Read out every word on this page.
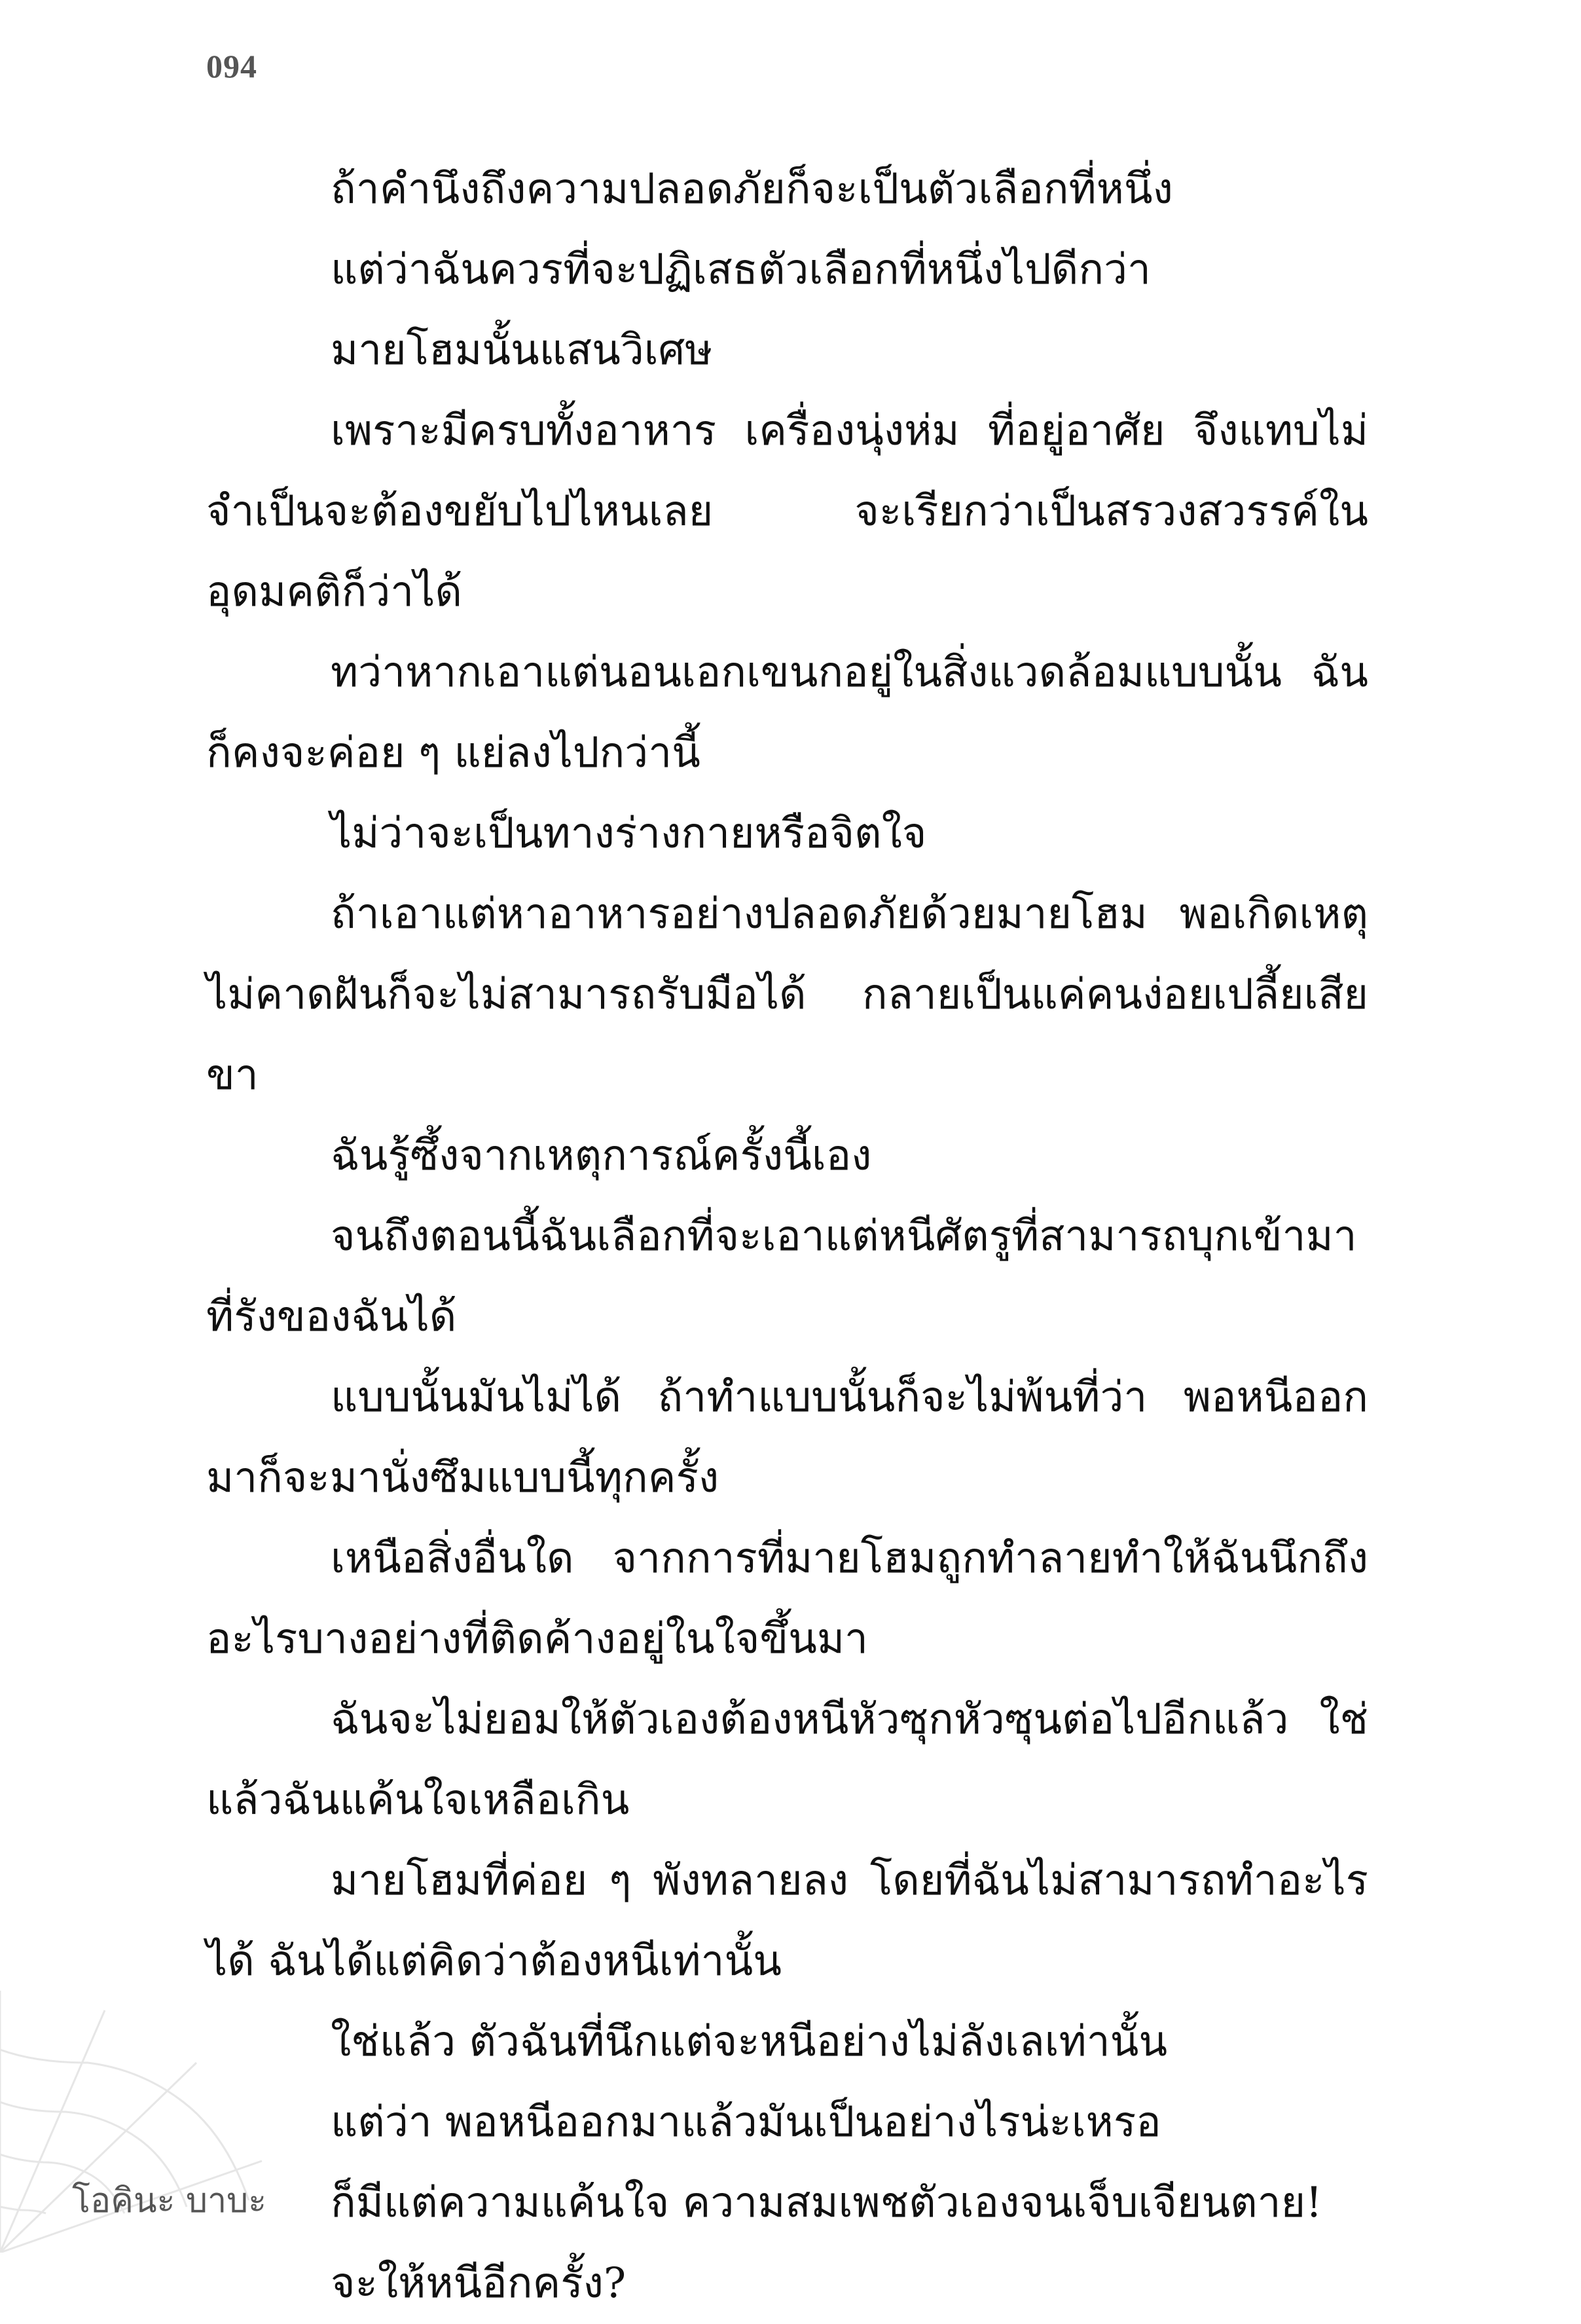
094

ถ้าคำนึงถึงความปลอดภัยก็จะเป็นตัวเลือกที่หนึ่ง

แต่ว่าฉันควรที่จะปฏิเสธตัวเลือกที่หนึ่งไปดีกว่า

มายโฮมนั้นแสนวิเศษ

เพราะมีครบทั้งอาหาร เครื่องนุ่งห่ม ที่อยู่อาศัย จึงแทบไม่จำเป็นจะต้องขยับไปไหนเลย จะเรียกว่าเป็นสรวงสวรรค์ในอุดมคติก็ว่าได้

ทว่าหากเอาแต่นอนเอกเขนกอยู่ในสิ่งแวดล้อมแบบนั้น ฉันก็คงจะค่อย ๆ แย่ลงไปกว่านี้

ไม่ว่าจะเป็นทางร่างกายหรือจิตใจ

ถ้าเอาแต่หาอาหารอย่างปลอดภัยด้วยมายโฮม พอเกิดเหตุไม่คาดฝันก็จะไม่สามารถรับมือได้ กลายเป็นแค่คนง่อยเปลี้ยเสียขา

ฉันรู้ซึ้งจากเหตุการณ์ครั้งนี้เอง

จนถึงตอนนี้ฉันเลือกที่จะเอาแต่หนีศัตรูที่สามารถบุกเข้ามาที่รังของฉันได้

แบบนั้นมันไม่ได้ ถ้าทำแบบนั้นก็จะไม่พ้นที่ว่า พอหนีออกมาก็จะมานั่งซึมแบบนี้ทุกครั้ง

เหนือสิ่งอื่นใด จากการที่มายโฮมถูกทำลายทำให้ฉันนึกถึงอะไรบางอย่างที่ติดค้างอยู่ในใจขึ้นมา

ฉันจะไม่ยอมให้ตัวเองต้องหนีหัวซุกหัวซุนต่อไปอีกแล้ว ใช่แล้วฉันแค้นใจเหลือเกิน

มายโฮมที่ค่อย ๆ พังทลายลง โดยที่ฉันไม่สามารถทำอะไรได้ ฉันได้แต่คิดว่าต้องหนีเท่านั้น

ใช่แล้ว ตัวฉันที่นึกแต่จะหนีอย่างไม่ลังเลเท่านั้น

แต่ว่า พอหนีออกมาแล้วมันเป็นอย่างไรน่ะเหรอ

ก็มีแต่ความแค้นใจ ความสมเพชตัวเองจนเจ็บเจียนตาย!

จะให้หนีอีกครั้ง?

โอคินะ บาบะ
